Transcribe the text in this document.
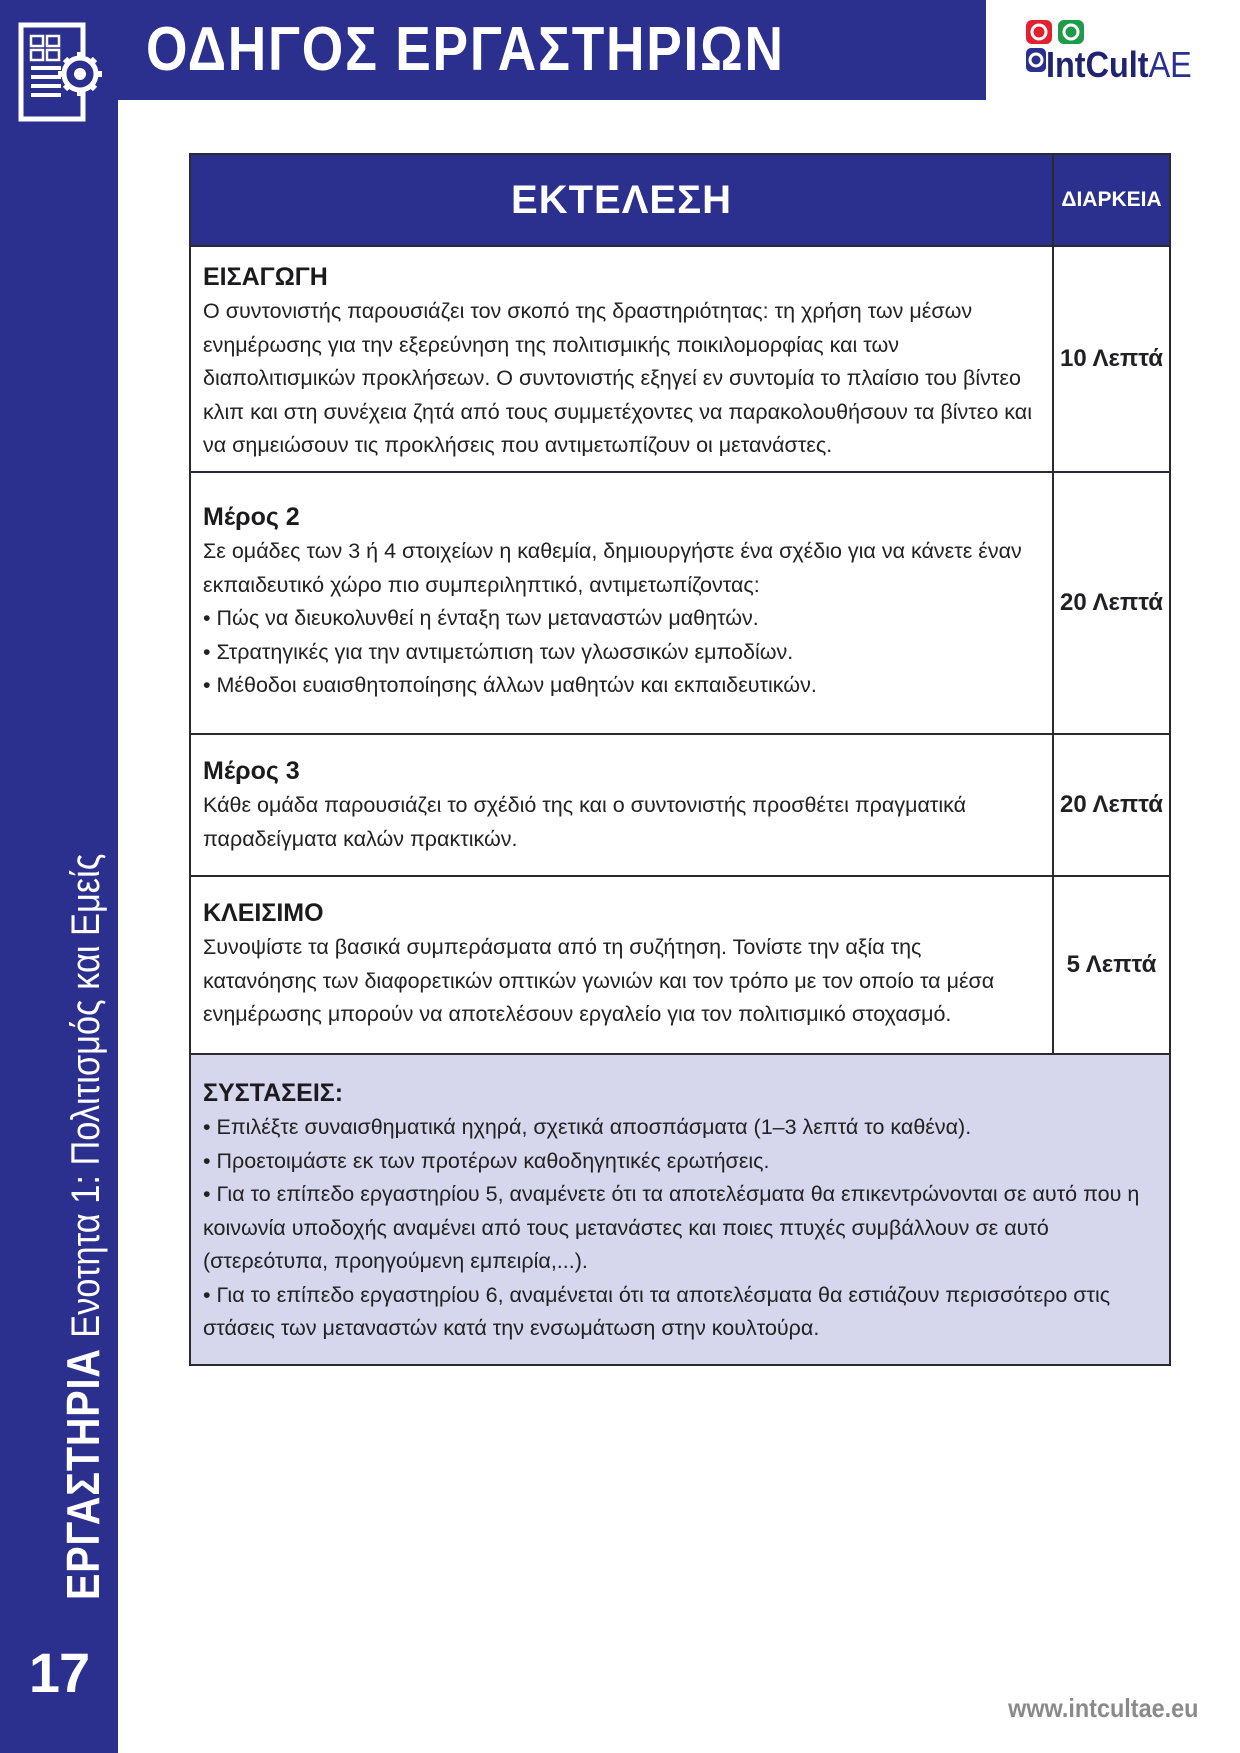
ΕΡΓΑΣΤΗΡΙΑΕνοτητα 1: Πολιτισμός και Εμείς
17
ΟΔΗΓΟΣ ΕΡΓΑΣΤΗΡΙΩΝ	IntCultAE
ΕΚΤΕΛΕΣΗ	ΔΙΑΡΚΕΙΑ
ΕΙΣΑΓΩΓΗ
Ο συντονιστής παρουσιάζει τον σκοπό της δραστηριότητας: τη χρήση των μέσων ενημέρωσης για την εξερεύνηση της πολιτισμικής ποικιλομορφίας και των διαπολιτισμικών προκλήσεων. Ο συντονιστής εξηγεί εν συντομία το πλαίσιο του βίντεο κλιπ και στη συνέχεια ζητά από τους συμμετέχοντες να παρακολουθήσουν τα βίντεο και να σημειώσουν τις προκλήσεις που αντιμετωπίζουν οι μετανάστες.
10 Λεπτά
Μέρος 2
Σε ομάδες των 3 ή 4 στοιχείων η καθεμία, δημιουργήστε ένα σχέδιο για να κάνετε έναν εκπαιδευτικό χώρο πιο συμπεριληπτικό, αντιμετωπίζοντας:
• Πώς να διευκολυνθεί η ένταξη των μεταναστών μαθητών.
• Στρατηγικές για την αντιμετώπιση των γλωσσικών εμποδίων.
• Μέθοδοι ευαισθητοποίησης άλλων μαθητών και εκπαιδευτικών.
20 Λεπτά
Μέρος 3
Κάθε ομάδα παρουσιάζει το σχέδιό της και ο συντονιστής προσθέτει πραγματικά παραδείγματα καλών πρακτικών.
20 Λεπτά
ΚΛΕΙΣΙΜΟ
Συνοψίστε τα βασικά συμπεράσματα από τη συζήτηση. Τονίστε την αξία της κατανόησης των διαφορετικών οπτικών γωνιών και τον τρόπο με τον οποίο τα μέσα ενημέρωσης μπορούν να αποτελέσουν εργαλείο για τον πολιτισμικό στοχασμό.
5 Λεπτά
ΣΥΣΤΑΣΕΙΣ:
• Επιλέξτε συναισθηματικά ηχηρά, σχετικά αποσπάσματα (1–3 λεπτά το καθένα).
• Προετοιμάστε εκ των προτέρων καθοδηγητικές ερωτήσεις.
• Για το επίπεδο εργαστηρίου 5, αναμένετε ότι τα αποτελέσματα θα επικεντρώνονται σε αυτό που η κοινωνία υποδοχής αναμένει από τους μετανάστες και ποιες πτυχές συμβάλλουν σε αυτό (στερεότυπα, προηγούμενη εμπειρία,...).
• Για το επίπεδο εργαστηρίου 6, αναμένεται ότι τα αποτελέσματα θα εστιάζουν περισσότερο στις στάσεις των μεταναστών κατά την ενσωμάτωση στην κουλτούρα.
www.intcultae.eu
